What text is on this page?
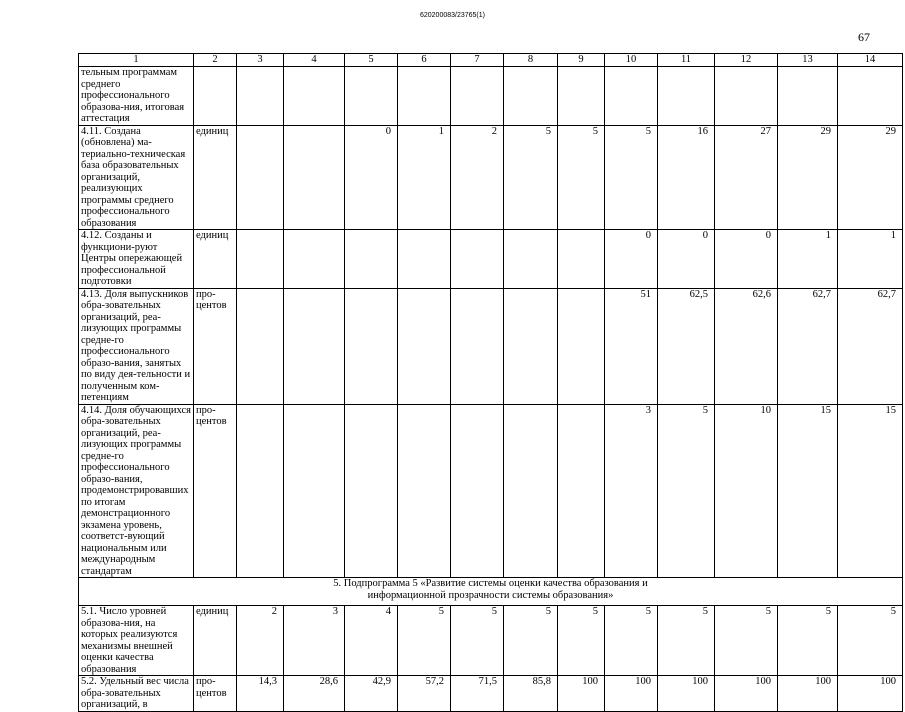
620200083/23765(1)
67
1	2	3	4	5	6	7	8	9	10	11	12	13	14
тельным программам среднего профессионального образова-ния, итоговая аттестация													
4.11. Создана (обновлена) ма-териально-техническая база образовательных организаций, реализующих программы среднего профессионального образования	единиц			0	1	2	5	5	5	16	27	29	29
4.12. Созданы и функциони-руют Центры опережающей профессиональной подготовки	единиц								0	0	0	1	1
4.13. Доля выпускников обра-зовательных организаций, реа-лизующих программы средне-го профессионального образо-вания, занятых по виду дея-тельности и полученным ком-петенциям	про-центов								51	62,5	62,6	62,7	62,7
4.14. Доля обучающихся обра-зовательных организаций, реа-лизующих программы средне-го профессионального образо-вания, продемонстрировавших по итогам демонстрационного экзамена уровень, соответст-вующий национальным или международным стандартам	про-центов								3	5	10	15	15

5. Подпрограмма 5 «Развитие системы оценки качества образования и
информационной прозрачности системы образования»													

5.1. Число уровней образова-ния, на которых реализуются механизмы внешней оценки качества образования	единиц	2	3	4	5	5	5	5	5	5	5	5	5
5.2. Удельный вес числа обра-зовательных организаций, в	про-центов	14,3	28,6	42,9	57,2	71,5	85,8	100	100	100	100	100	100
